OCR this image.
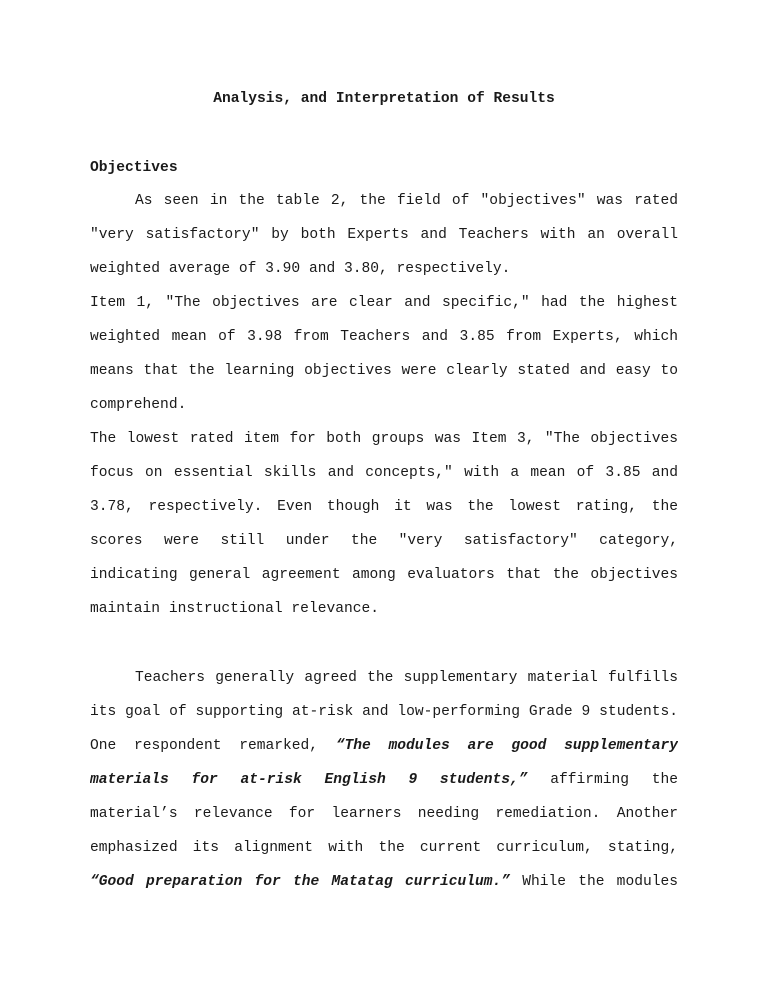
Analysis, and Interpretation of Results
Objectives
As seen in the table 2, the field of "objectives" was rated
"very satisfactory" by both Experts and Teachers with an overall
weighted average of 3.90 and 3.80, respectively.
Item 1, "The objectives are clear and specific," had the highest
weighted mean of 3.98 from Teachers and 3.85 from Experts, which
means that the learning objectives were clearly stated and easy to
comprehend.
The lowest rated item for both groups was Item 3, "The objectives
focus on essential skills and concepts," with a mean of 3.85 and
3.78, respectively. Even though it was the lowest rating, the
scores were still under the "very satisfactory" category,
indicating general agreement among evaluators that the objectives
maintain instructional relevance.
Teachers generally agreed the supplementary material fulfills
its goal of supporting at-risk and low-performing Grade 9 students.
One respondent remarked, “The modules are good supplementary
materials for at-risk English 9 students,” affirming the
material’s relevance for learners needing remediation. Another
emphasized its alignment with the current curriculum, stating,
“Good preparation for the Matatag curriculum.” While the modules
